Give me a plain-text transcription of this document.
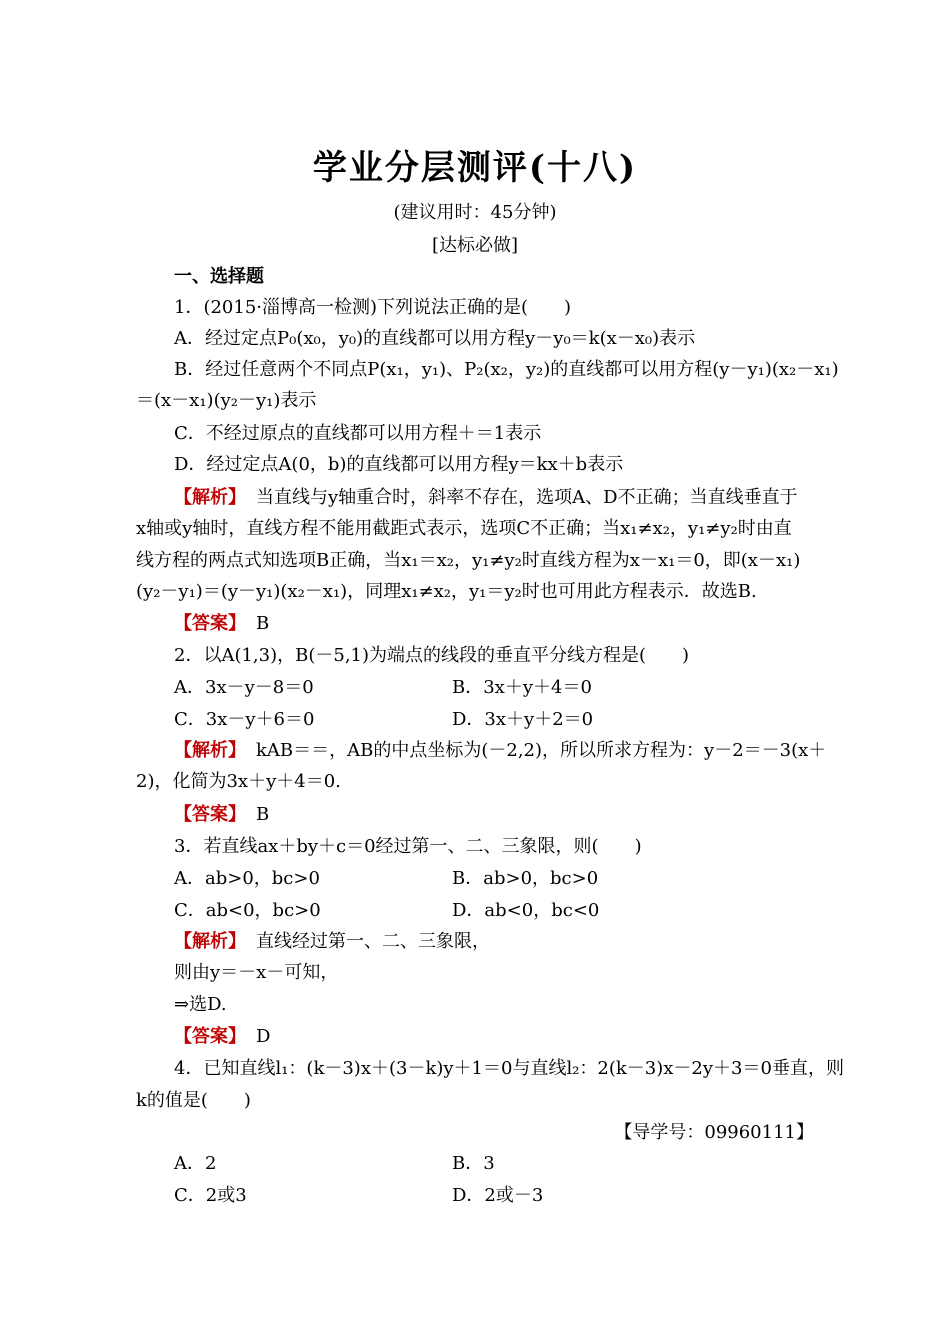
学业分层测评(十八)
(建议用时：45分钟)
[达标必做]
一、选择题
1．(2015·淄博高一检测)下列说法正确的是(　　)
A．经过定点P₀(x₀，y₀)的直线都可以用方程y－y₀＝k(x－x₀)表示
B．经过任意两个不同点P(x₁，y₁)、P₂(x₂，y₂)的直线都可以用方程(y－y₁)(x₂－x₁)
＝(x－x₁)(y₂－y₁)表示
C．不经过原点的直线都可以用方程＋＝1表示
D．经过定点A(0，b)的直线都可以用方程y＝kx＋b表示
【解析】 当直线与y轴重合时，斜率不存在，选项A、D不正确；当直线垂直于
x轴或y轴时，直线方程不能用截距式表示，选项C不正确；当x₁≠x₂，y₁≠y₂时由直
线方程的两点式知选项B正确，当x₁＝x₂，y₁≠y₂时直线方程为x－x₁＝0，即(x－x₁)
(y₂－y₁)＝(y－y₁)(x₂－x₁)，同理x₁≠x₂，y₁＝y₂时也可用此方程表示．故选B.
【答案】 B
2．以A(1,3)，B(－5,1)为端点的线段的垂直平分线方程是(　　)
A．3x－y－8＝0	B．3x＋y＋4＝0
C．3x－y＋6＝0	D．3x＋y＋2＝0
【解析】 kAB＝＝，AB的中点坐标为(－2,2)，所以所求方程为：y－2＝－3(x＋
2)，化简为3x＋y＋4＝0.
【答案】 B
3．若直线ax＋by＋c＝0经过第一、二、三象限，则(　　)
A．ab>0，bc>0	B．ab>0，bc>0
C．ab<0，bc>0	D．ab<0，bc<0
【解析】 直线经过第一、二、三象限，
则由y＝－x－可知，
⇒选D.
【答案】 D
4．已知直线l₁：(k－3)x＋(3－k)y＋1＝0与直线l₂：2(k－3)x－2y＋3＝0垂直，则
k的值是(　　)
【导学号：09960111】
A．2	B．3
C．2或3	D．2或－3
